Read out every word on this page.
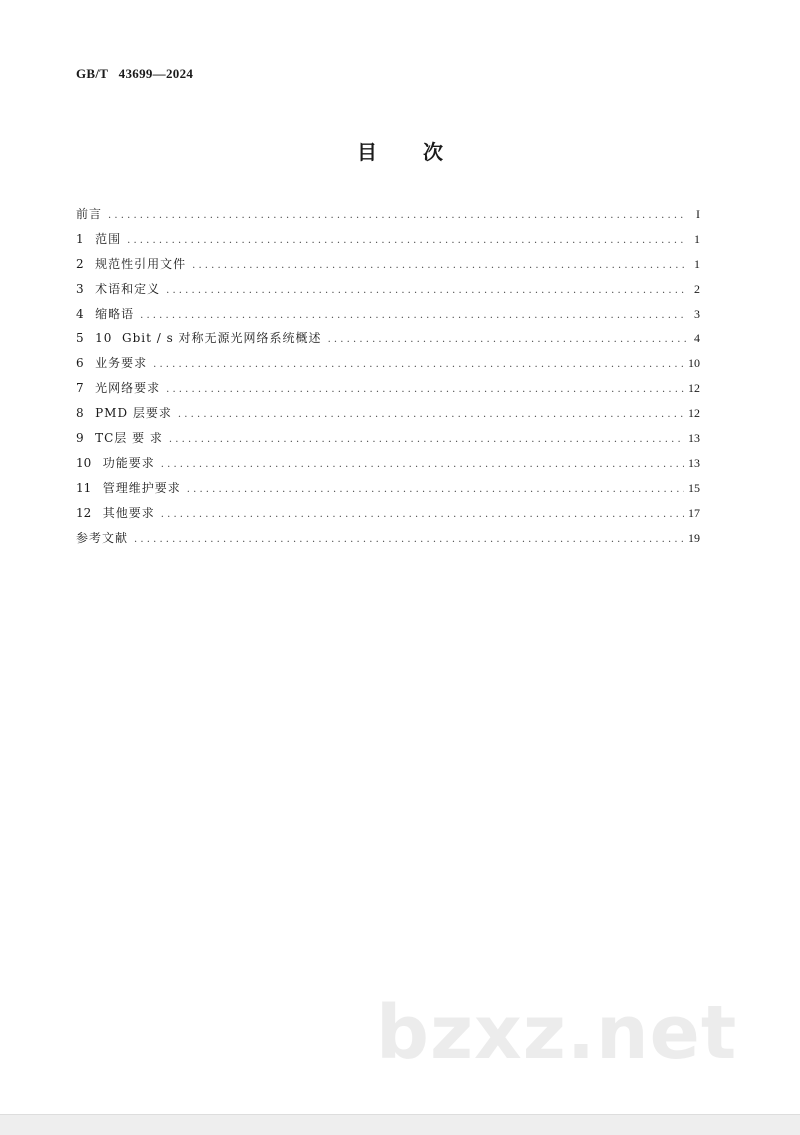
GB/T   43699—2024
目次
前言 . . .	I
1 范围 . . .	1
2 规范性引用文件 . . .	1
3 术语和定义 . . .	2
4 缩略语 . . .	3
5 10  Gbit / s 对称无源光网络系统概述 . . .	4
6 业务要求 . . .	10
7 光网络要求 . . .	12
8 PMD 层要求 . . .	12
9 TC层 要 求 . . .	13
10 功能要求 . . .	13
11 管理维护要求 . . .	15
12 其他要求 . . .	17
参考文献 . . .	19
bzxz.net
